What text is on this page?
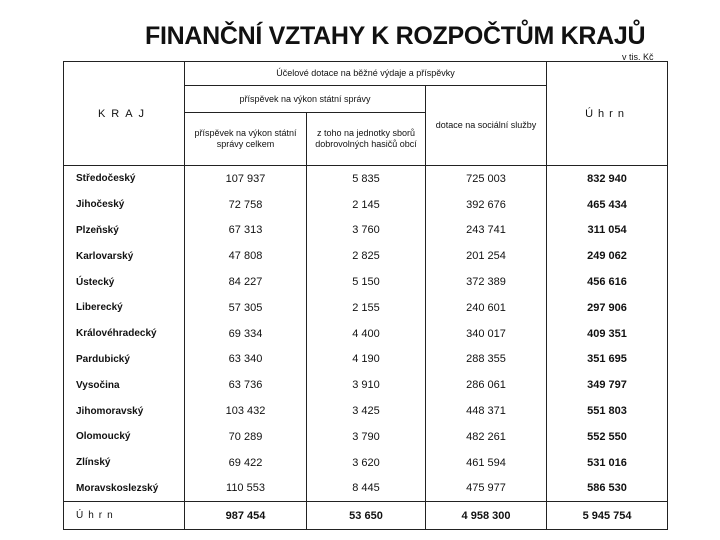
FINANČNÍ VZTAHY K ROZPOČTŮM KRAJŮ
v tis. Kč
KRAJ	Účelové dotace na běžné výdaje a příspěvky			Úhrn
	příspěvek na výkon státní správy		dotace na sociální služby	
	příspěvek na výkon státní správy celkem	z toho na jednotky sborů dobrovolných hasičů obcí		
Středočeský	107 937	5 835	725 003	832 940
Jihočeský	72 758	2 145	392 676	465 434
Plzeňský	67 313	3 760	243 741	311 054
Karlovarský	47 808	2 825	201 254	249 062
Ústecký	84 227	5 150	372 389	456 616
Liberecký	57 305	2 155	240 601	297 906
Královéhradecký	69 334	4 400	340 017	409 351
Pardubický	63 340	4 190	288 355	351 695
Vysočina	63 736	3 910	286 061	349 797
Jihomoravský	103 432	3 425	448 371	551 803
Olomoucký	70 289	3 790	482 261	552 550
Zlínský	69 422	3 620	461 594	531 016
Moravskoslezský	110 553	8 445	475 977	586 530
Úhrn	987 454	53 650	4 958 300	5 945 754
